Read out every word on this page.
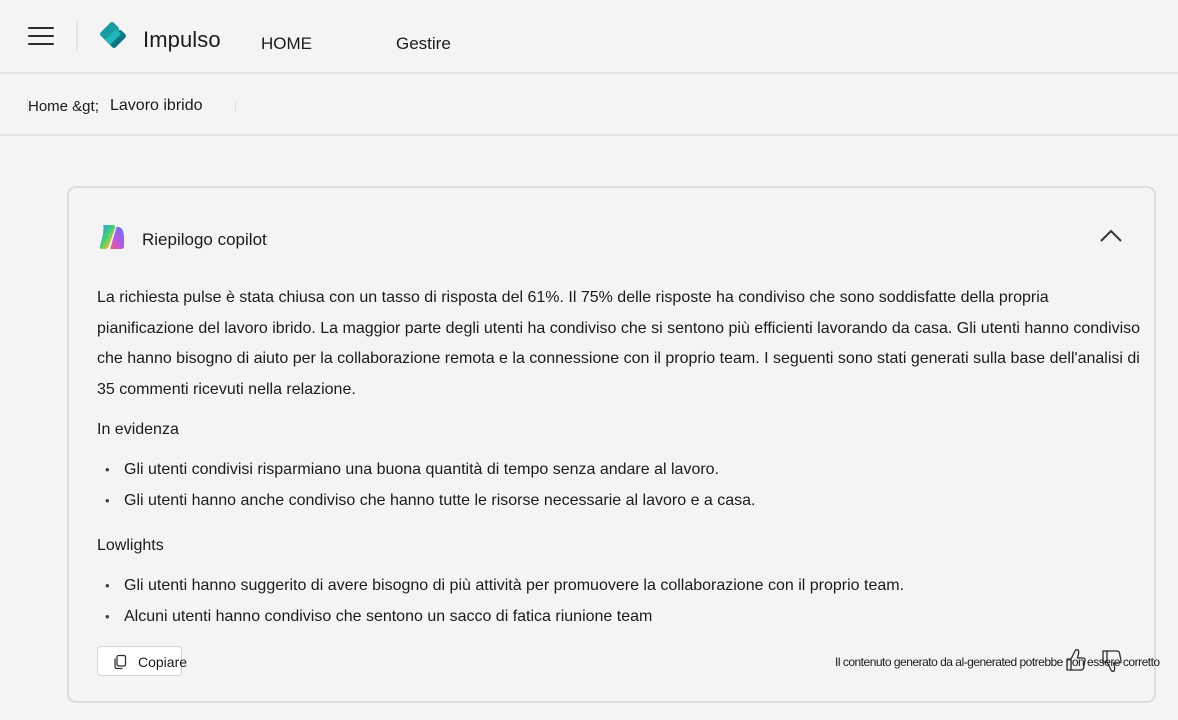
Impulso HOME	Gestire
Home &gt; Lavoro ibrido
Riepilogo copilot

La richiesta pulse è stata chiusa con un tasso di risposta del 61%. Il 75% delle risposte ha condiviso che sono soddisfatte della propria pianificazione del lavoro ibrido. La maggior parte degli utenti ha condiviso che si sentono più efficienti lavorando da casa. Gli utenti hanno condiviso che hanno bisogno di aiuto per la collaborazione remota e la connessione con il proprio team. I seguenti sono stati generati sulla base dell'analisi di 35 commenti ricevuti nella relazione.

In evidenza
• Gli utenti condivisi risparmiano una buona quantità di tempo senza andare al lavoro.
• Gli utenti hanno anche condiviso che hanno tutte le risorse necessarie al lavoro e a casa.
Lowlights
• Gli utenti hanno suggerito di avere bisogno di più attività per promuovere la collaborazione con il proprio team.
• Alcuni utenti hanno condiviso che sentono un sacco di fatica riunione team
Copiare	Il contenuto generato da al-generated potrebbe non essere corretto
